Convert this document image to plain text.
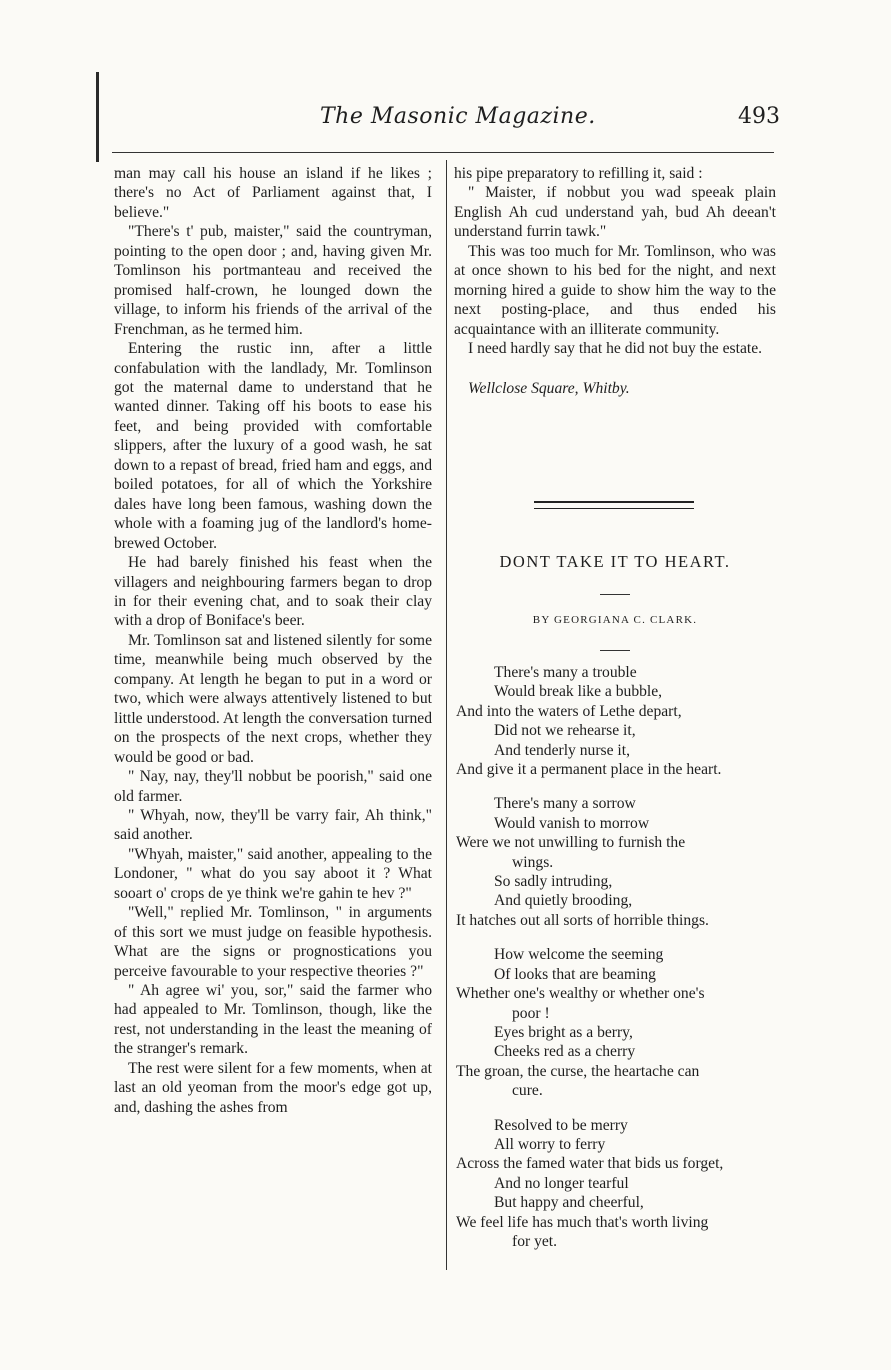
The Masonic Magazine.	493

man may call his house an island if he likes ; there's no Act of Parliament against that, I believe."

"There's t' pub, maister," said the countryman, pointing to the open door ; and, having given Mr. Tomlinson his portmanteau and received the promised half-crown, he lounged down the village, to inform his friends of the arrival of the Frenchman, as he termed him.

Entering the rustic inn, after a little confabulation with the landlady, Mr. Tomlinson got the maternal dame to understand that he wanted dinner. Taking off his boots to ease his feet, and being provided with comfortable slippers, after the luxury of a good wash, he sat down to a repast of bread, fried ham and eggs, and boiled potatoes, for all of which the Yorkshire dales have long been famous, washing down the whole with a foaming jug of the landlord's home-brewed October.

He had barely finished his feast when the villagers and neighbouring farmers began to drop in for their evening chat, and to soak their clay with a drop of Boniface's beer.

Mr. Tomlinson sat and listened silently for some time, meanwhile being much observed by the company. At length he began to put in a word or two, which were always attentively listened to but little understood. At length the conversation turned on the prospects of the next crops, whether they would be good or bad.

" Nay, nay, they'll nobbut be poorish," said one old farmer.

" Whyah, now, they'll be varry fair, Ah think," said another.

"Whyah, maister," said another, appealing to the Londoner, " what do you say aboot it ? What sooart o' crops de ye think we're gahin te hev ?"

"Well," replied Mr. Tomlinson, " in arguments of this sort we must judge on feasible hypothesis. What are the signs or prognostications you perceive favourable to your respective theories ?"

" Ah agree wi' you, sor," said the farmer who had appealed to Mr. Tomlinson, though, like the rest, not understanding in the least the meaning of the stranger's remark.

The rest were silent for a few moments, when at last an old yeoman from the moor's edge got up, and, dashing the ashes from

his pipe preparatory to refilling it, said :

" Maister, if nobbut you wad speeak plain English Ah cud understand yah, bud Ah deean't understand furrin tawk."

This was too much for Mr. Tomlinson, who was at once shown to his bed for the night, and next morning hired a guide to show him the way to the next posting-place, and thus ended his acquaintance with an illiterate community.

I need hardly say that he did not buy the estate.

Wellclose Square, Whitby.

DONT TAKE IT TO HEART.
BY GEORGIANA C. CLARK.
There's many a trouble
Would break like a bubble,
And into the waters of Lethe depart,
Did not we rehearse it,
And tenderly nurse it,
And give it a permanent place in the heart.
There's many a sorrow
Would vanish to morrow
Were we not unwilling to furnish the
wings.
So sadly intruding,
And quietly brooding,
It hatches out all sorts of horrible things.
How welcome the seeming
Of looks that are beaming
Whether one's wealthy or whether one's
poor !
Eyes bright as a berry,
Cheeks red as a cherry
The groan, the curse, the heartache can
cure.
Resolved to be merry
All worry to ferry
Across the famed water that bids us forget,
And no longer tearful
But happy and cheerful,
We feel life has much that's worth living
for yet.
